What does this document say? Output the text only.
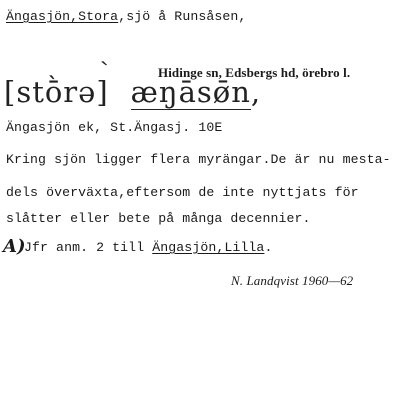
Ängasjön,Stora,sjö å Runsåsen,
Hidinge sn, Edsbergs hd, örebro l.
`
[stṑrə] æŋāsø̄n,
Ängasjön ek, St.Ängasj. 10E
Kring sjön ligger flera myrängar.De är nu mesta-
dels överväxta,eftersom de inte nyttjats för
slåtter eller bete på många decennier.
A)
Jfr anm. 2 till Ängasjön,Lilla.
N. Landqvist 1960—62
